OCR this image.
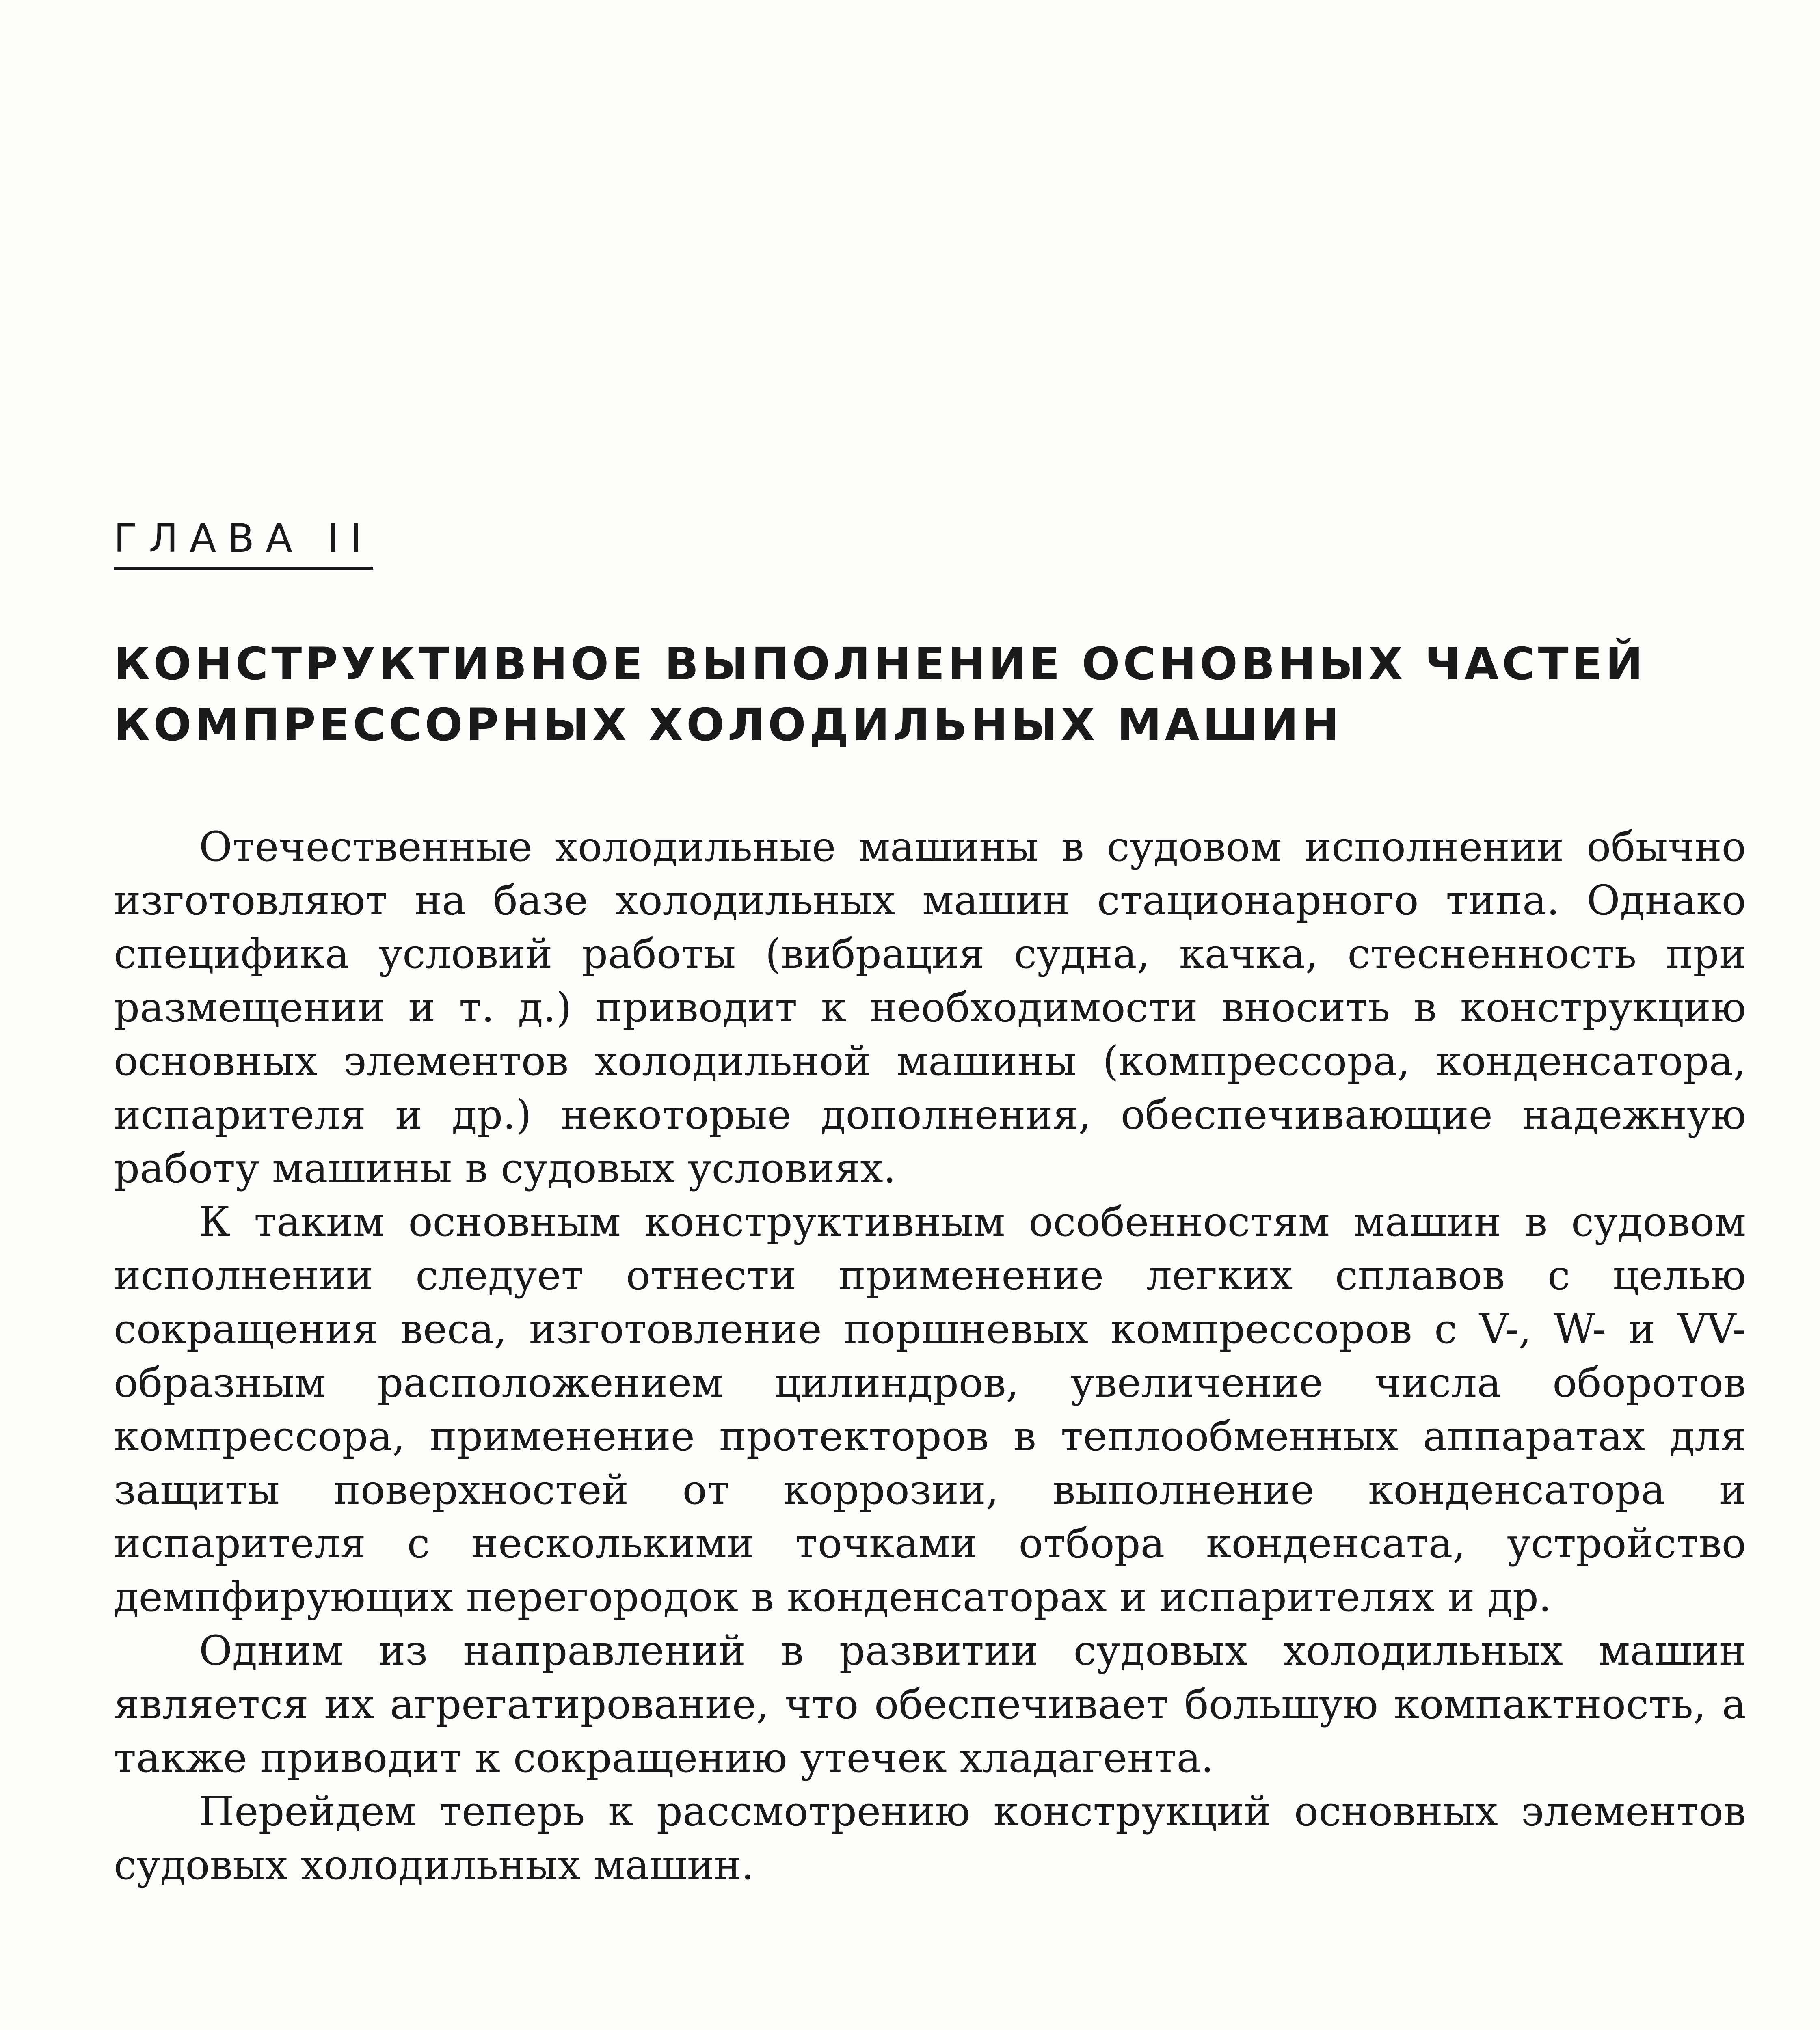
ГЛАВА II
КОНСТРУКТИВНОЕ ВЫПОЛНЕНИЕ ОСНОВНЫХ ЧАСТЕЙ
КОМПРЕССОРНЫХ ХОЛОДИЛЬНЫХ МАШИН

Отечественные холодильные машины в судовом исполнении обычно изготовляют на базе холодильных машин стационарного типа. Однако специфика условий работы (вибрация судна, качка, стесненность при размещении и т. д.) приводит к необходимости вносить в конструкцию основных элементов холодильной машины (компрессора, конденсатора, испарителя и др.) некоторые дополнения, обеспечивающие надежную работу машины в судовых условиях.

К таким основным конструктивным особенностям машин в судовом исполнении следует отнести применение легких сплавов с целью сокращения веса, изготовление поршневых компрессоров с V-, W- и VV-образным расположением цилиндров, увеличение числа оборотов компрессора, применение протекторов в теплообменных аппаратах для защиты поверхностей от коррозии, выполнение конденсатора и испарителя с несколькими точками отбора конденсата, устройство демпфирующих перегородок в конденсаторах и испарителях и др.

Одним из направлений в развитии судовых холодильных машин является их агрегатирование, что обеспечивает большую компактность, а также приводит к сокращению утечек хладагента.

Перейдем теперь к рассмотрению конструкций основных элементов судовых холодильных машин.
